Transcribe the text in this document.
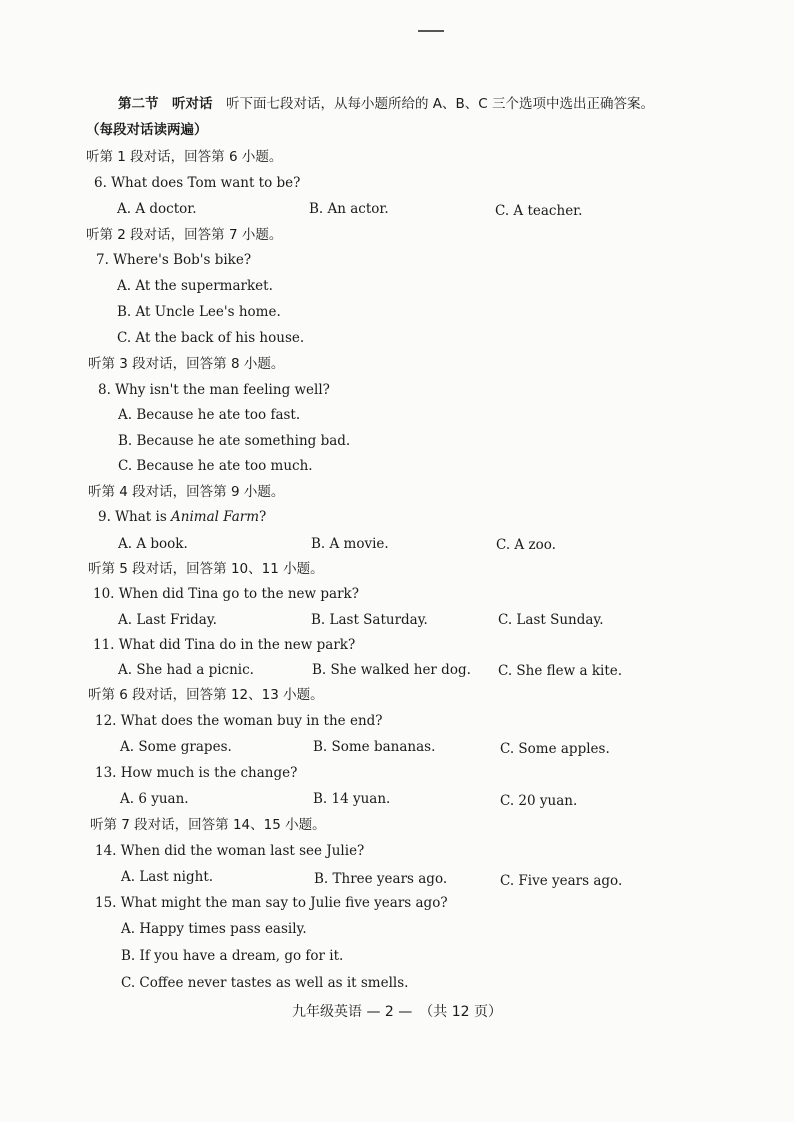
第二节　听对话　 听下面七段对话，从每小题所给的 A、B、C 三个选项中选出正确答案。
（每段对话读两遍）
听第 1 段对话，回答第 6 小题。
6. What does Tom want to be?
A. A doctor.	B. An actor.	C. A teacher.
听第 2 段对话，回答第 7 小题。
7. Where's Bob's bike?
A. At the supermarket.
B. At Uncle Lee's home.
C. At the back of his house.
听第 3 段对话，回答第 8 小题。
8. Why isn't the man feeling well?
A. Because he ate too fast.
B. Because he ate something bad.
C. Because he ate too much.
听第 4 段对话，回答第 9 小题。
9. What is Animal Farm?
A. A book.	B. A movie.	C. A zoo.
听第 5 段对话，回答第 10、11 小题。
10. When did Tina go to the new park?
A. Last Friday.	B. Last Saturday.	C. Last Sunday.
11. What did Tina do in the new park?
A. She had a picnic.	B. She walked her dog. C. She flew a kite.
听第 6 段对话，回答第 12、13 小题。
12. What does the woman buy in the end?
A. Some grapes.	B. Some bananas.	C. Some apples.
13. How much is the change?
A. 6 yuan.	B. 14 yuan.	C. 20 yuan.
听第 7 段对话，回答第 14、15 小题。
14. When did the woman last see Julie?
A. Last night.	B. Three years ago.	C. Five years ago.
15. What might the man say to Julie five years ago?
A. Happy times pass easily.
B. If you have a dream, go for it.
C. Coffee never tastes as well as it smells.
九年级英语 — 2 —　（共 12 页）
